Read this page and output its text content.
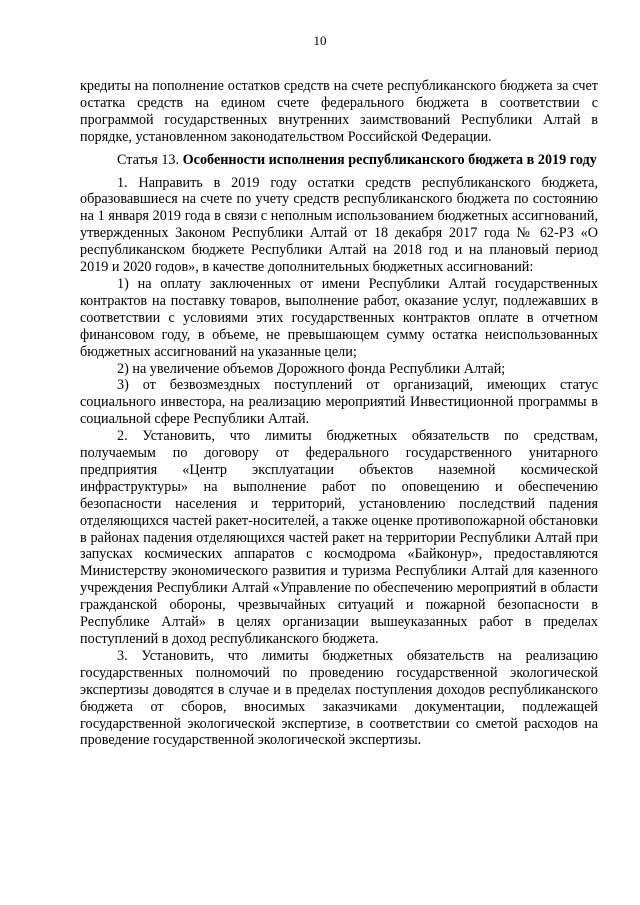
10

кредиты на пополнение остатков средств на счете республиканского бюджета за счет остатка средств на едином счете федерального бюджета в соответствии с программой государственных внутренних заимствований Республики Алтай в порядке, установленном законодательством Российской Федерации.

Статья 13. Особенности исполнения республиканского бюджета в 2019 году

1. Направить в 2019 году остатки средств республиканского бюджета, образовавшиеся на счете по учету средств республиканского бюджета по состоянию на 1 января 2019 года в связи с неполным использованием бюджетных ассигнований, утвержденных Законом Республики Алтай от 18 декабря 2017 года № 62-РЗ «О республиканском бюджете Республики Алтай на 2018 год и на плановый период 2019 и 2020 годов», в качестве дополнительных бюджетных ассигнований:

1) на оплату заключенных от имени Республики Алтай государственных контрактов на поставку товаров, выполнение работ, оказание услуг, подлежавших в соответствии с условиями этих государственных контрактов оплате в отчетном финансовом году, в объеме, не превышающем сумму остатка неиспользованных бюджетных ассигнований на указанные цели;

2) на увеличение объемов Дорожного фонда Республики Алтай;

3) от безвозмездных поступлений от организаций, имеющих статус социального инвестора, на реализацию мероприятий Инвестиционной программы в социальной сфере Республики Алтай.

2. Установить, что лимиты бюджетных обязательств по средствам, получаемым по договору от федерального государственного унитарного предприятия «Центр эксплуатации объектов наземной космической инфраструктуры» на выполнение работ по оповещению и обеспечению безопасности населения и территорий, установлению последствий падения отделяющихся частей ракет-носителей, а также оценке противопожарной обстановки в районах падения отделяющихся частей ракет на территории Республики Алтай при запусках космических аппаратов с космодрома «Байконур», предоставляются Министерству экономического развития и туризма Республики Алтай для казенного учреждения Республики Алтай «Управление по обеспечению мероприятий в области гражданской обороны, чрезвычайных ситуаций и пожарной безопасности в Республике Алтай» в целях организации вышеуказанных работ в пределах поступлений в доход республиканского бюджета.

3. Установить, что лимиты бюджетных обязательств на реализацию государственных полномочий по проведению государственной экологической экспертизы доводятся в случае и в пределах поступления доходов республиканского бюджета от сборов, вносимых заказчиками документации, подлежащей государственной экологической экспертизе, в соответствии со сметой расходов на проведение государственной экологической экспертизы.
